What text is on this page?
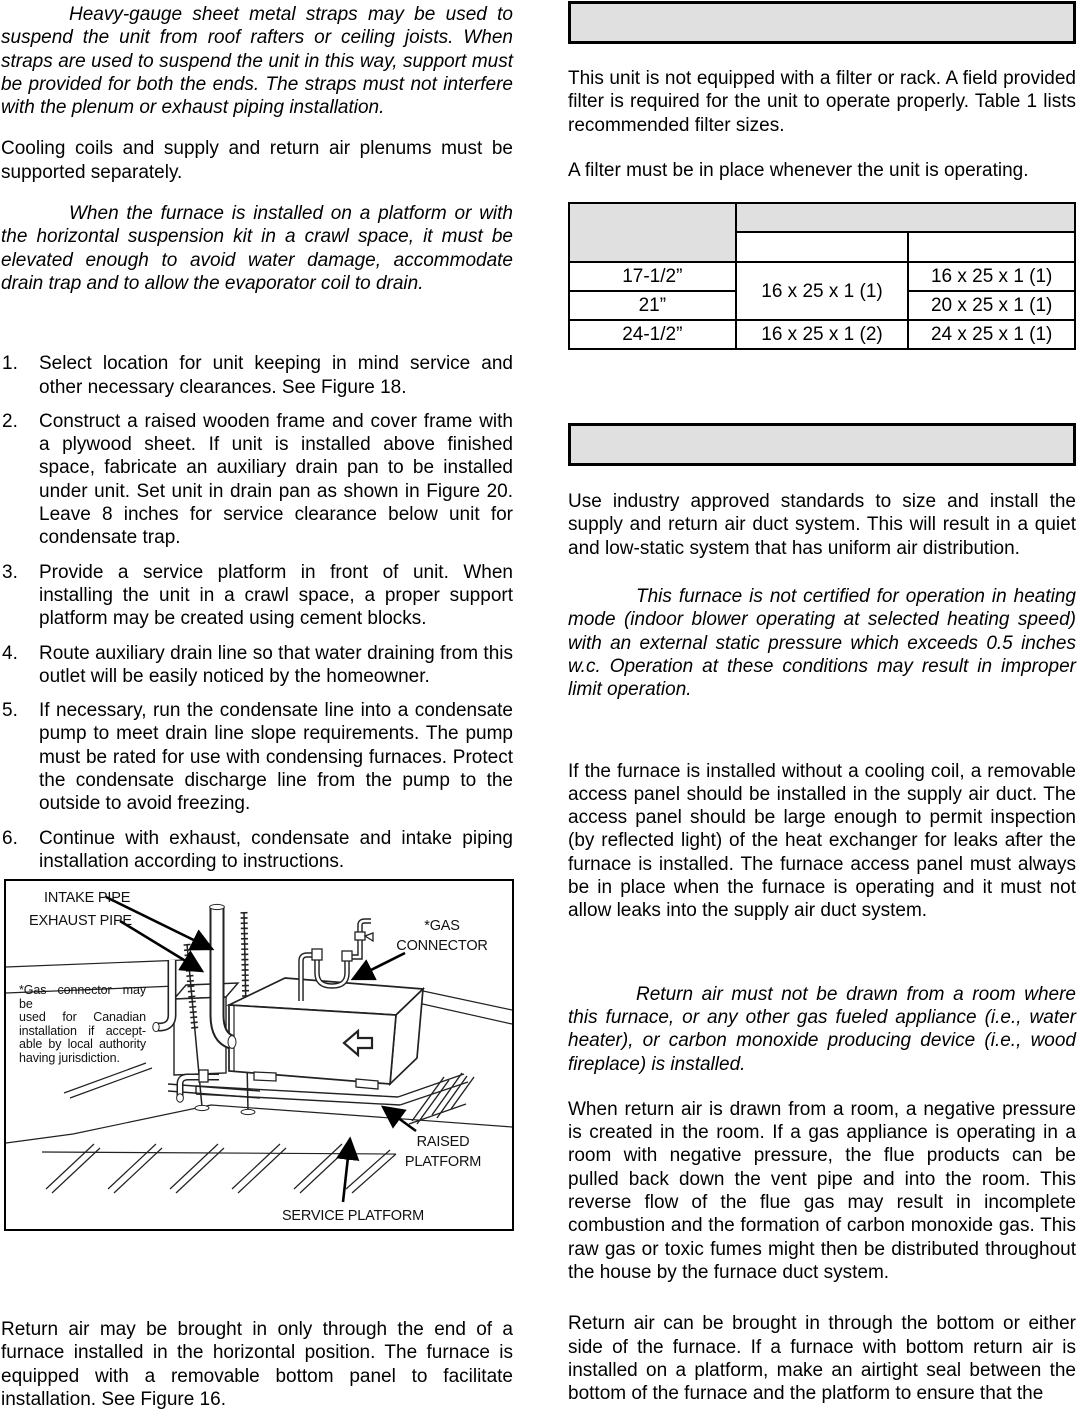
Heavy-gauge sheet metal straps may be used to suspend the unit from roof rafters or ceiling joists. When straps are used to suspend the unit in this way, support must be provided for both the ends. The straps must not interfere with the plenum or exhaust piping installation.

Cooling coils and supply and return air plenums must be supported separately.

When the furnace is installed on a platform or with the horizontal suspension kit in a crawl space, it must be elevated enough to avoid water damage, accommodate drain trap and to allow the evaporator coil to drain.

1. Select location for unit keeping in mind service and other necessary clearances. See Figure 18.
2. Construct a raised wooden frame and cover frame with a plywood sheet. If unit is installed above finished space, fabricate an auxiliary drain pan to be installed under unit. Set unit in drain pan as shown in Figure 20. Leave 8 inches for service clearance below unit for condensate trap.
3. Provide a service platform in front of unit. When installing the unit in a crawl space, a proper support platform may be created using cement blocks.
4. Route auxiliary drain line so that water draining from this outlet will be easily noticed by the homeowner.
5. If necessary, run the condensate line into a condensate pump to meet drain line slope requirements. The pump must be rated for use with condensing furnaces. Protect the condensate discharge line from the pump to the outside to avoid freezing.
6. Continue with exhaust, condensate and intake piping installation according to instructions.
INTAKE PIPE
EXHAUST PIPE	*GAS
CONNECTOR
*Gas connector may be
used for Canadian
installation if accept-
able by local authority
having jurisdiction.
RAISED
PLATFORM
SERVICE PLATFORM

Return air may be brought in only through the end of a furnace installed in the horizontal position. The furnace is equipped with a removable bottom panel to facilitate installation. See Figure 16.

This unit is not equipped with a filter or rack. A field provided filter is required for the unit to operate properly. Table 1 lists recommended filter sizes.

A filter must be in place whenever the unit is operating.

17-1/2”	16 x 25 x 1 (1)	16 x 25 x 1 (1)
21”		20 x 25 x 1 (1)
24-1/2”	16 x 25 x 1 (2)	24 x 25 x 1 (1)

Use industry approved standards to size and install the supply and return air duct system. This will result in a quiet and low-static system that has uniform air distribution.

This furnace is not certified for operation in heating mode (indoor blower operating at selected heating speed) with an external static pressure which exceeds 0.5 inches w.c. Operation at these conditions may result in improper limit operation.

If the furnace is installed without a cooling coil, a removable access panel should be installed in the supply air duct. The access panel should be large enough to permit inspection (by reflected light) of the heat exchanger for leaks after the furnace is installed. The furnace access panel must always be in place when the furnace is operating and it must not allow leaks into the supply air duct system.

Return air must not be drawn from a room where this furnace, or any other gas fueled appliance (i.e., water heater), or carbon monoxide producing device (i.e., wood fireplace) is installed.

When return air is drawn from a room, a negative pressure is created in the room. If a gas appliance is operating in a room with negative pressure, the flue products can be pulled back down the vent pipe and into the room. This reverse flow of the flue gas may result in incomplete combustion and the formation of carbon monoxide gas. This raw gas or toxic fumes might then be distributed throughout the house by the furnace duct system.

Return air can be brought in through the bottom or either side of the furnace. If a furnace with bottom return air is installed on a platform, make an airtight seal between the bottom of the furnace and the platform to ensure that the
